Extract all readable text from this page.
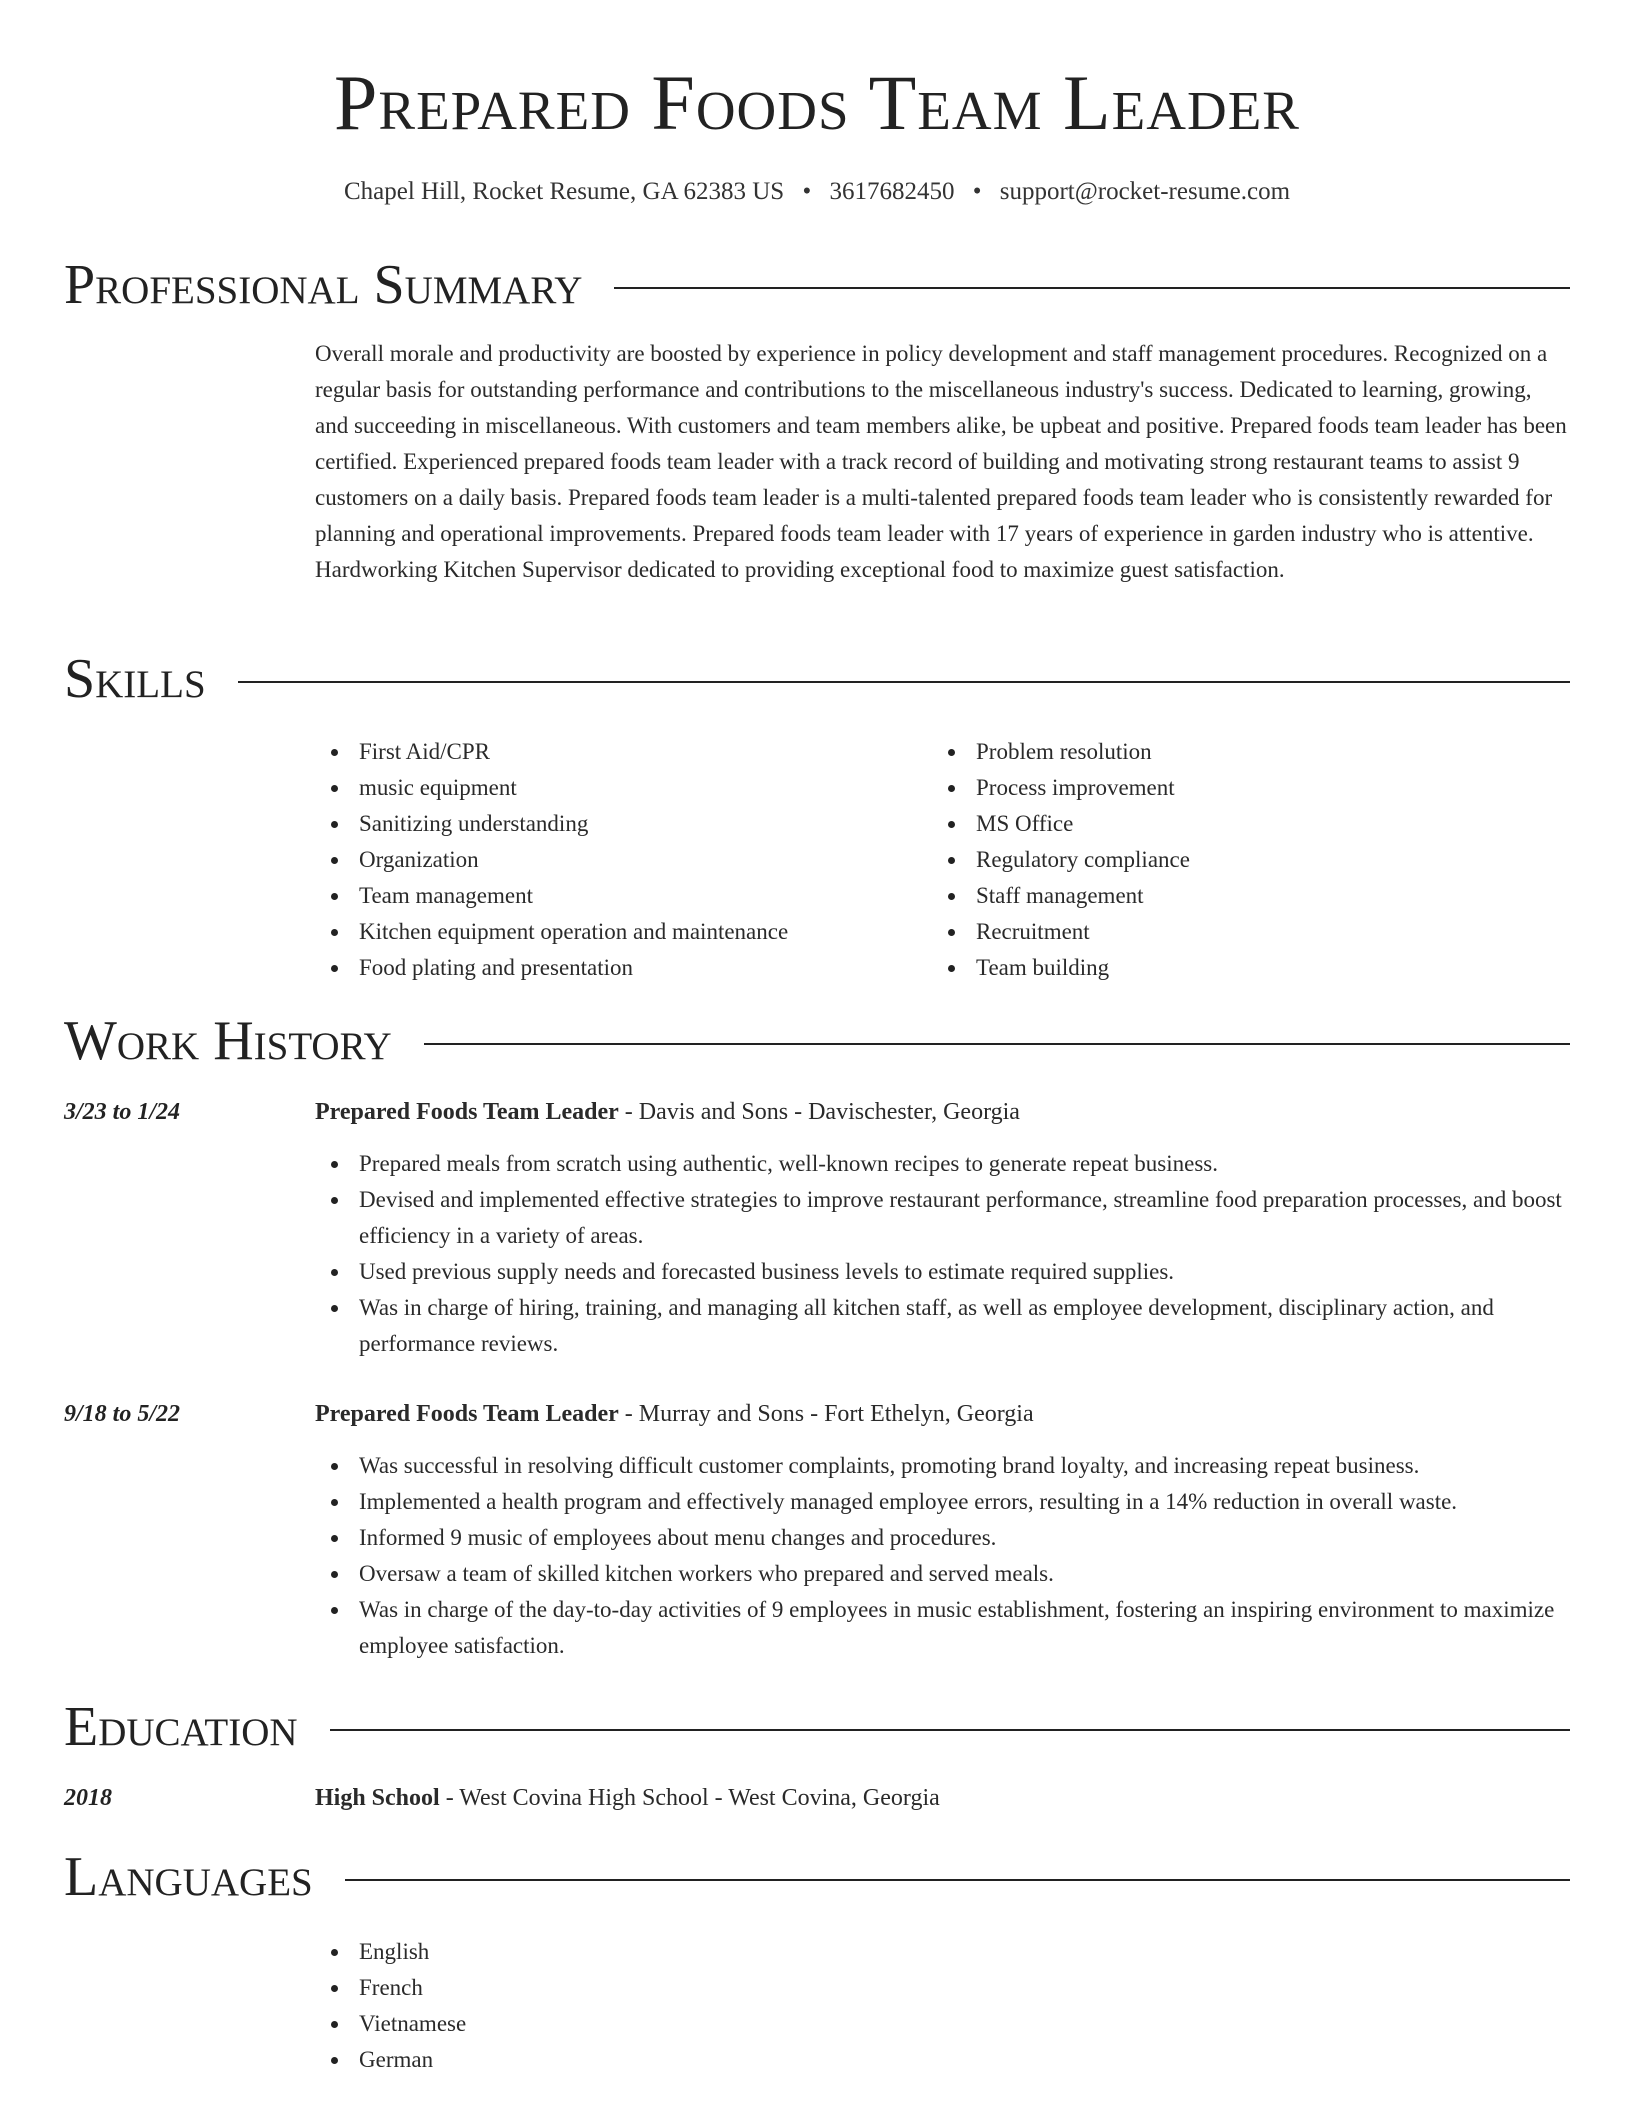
Prepared Foods Team Leader
Chapel Hill, Rocket Resume, GA 62383 US • 3617682450 • support@rocket-resume.com
Professional Summary

Overall morale and productivity are boosted by experience in policy development and staff management procedures. Recognized on a regular basis for outstanding performance and contributions to the miscellaneous industry's success. Dedicated to learning, growing, and succeeding in miscellaneous. With customers and team members alike, be upbeat and positive. Prepared foods team leader has been certified. Experienced prepared foods team leader with a track record of building and motivating strong restaurant teams to assist 9 customers on a daily basis. Prepared foods team leader is a multi-talented prepared foods team leader who is consistently rewarded for planning and operational improvements. Prepared foods team leader with 17 years of experience in garden industry who is attentive. Hardworking Kitchen Supervisor dedicated to providing exceptional food to maximize guest satisfaction.

Skills
First Aid/CPR
music equipment
Sanitizing understanding
Organization
Team management
Kitchen equipment operation and maintenance
Food plating and presentation
Problem resolution
Process improvement
MS Office
Regulatory compliance
Staff management
Recruitment
Team building
Work History
3/23 to 1/24	Prepared Foods Team Leader - Davis and Sons - Davischester, Georgia
Prepared meals from scratch using authentic, well-known recipes to generate repeat business.
Devised and implemented effective strategies to improve restaurant performance, streamline food preparation processes, and boost efficiency in a variety of areas.
Used previous supply needs and forecasted business levels to estimate required supplies.
Was in charge of hiring, training, and managing all kitchen staff, as well as employee development, disciplinary action, and performance reviews.
9/18 to 5/22	Prepared Foods Team Leader - Murray and Sons - Fort Ethelyn, Georgia
Was successful in resolving difficult customer complaints, promoting brand loyalty, and increasing repeat business.
Implemented a health program and effectively managed employee errors, resulting in a 14% reduction in overall waste.
Informed 9 music of employees about menu changes and procedures.
Oversaw a team of skilled kitchen workers who prepared and served meals.
Was in charge of the day-to-day activities of 9 employees in music establishment, fostering an inspiring environment to maximize employee satisfaction.
Education
2018	High School - West Covina High School - West Covina, Georgia
Languages
English
French
Vietnamese
German
